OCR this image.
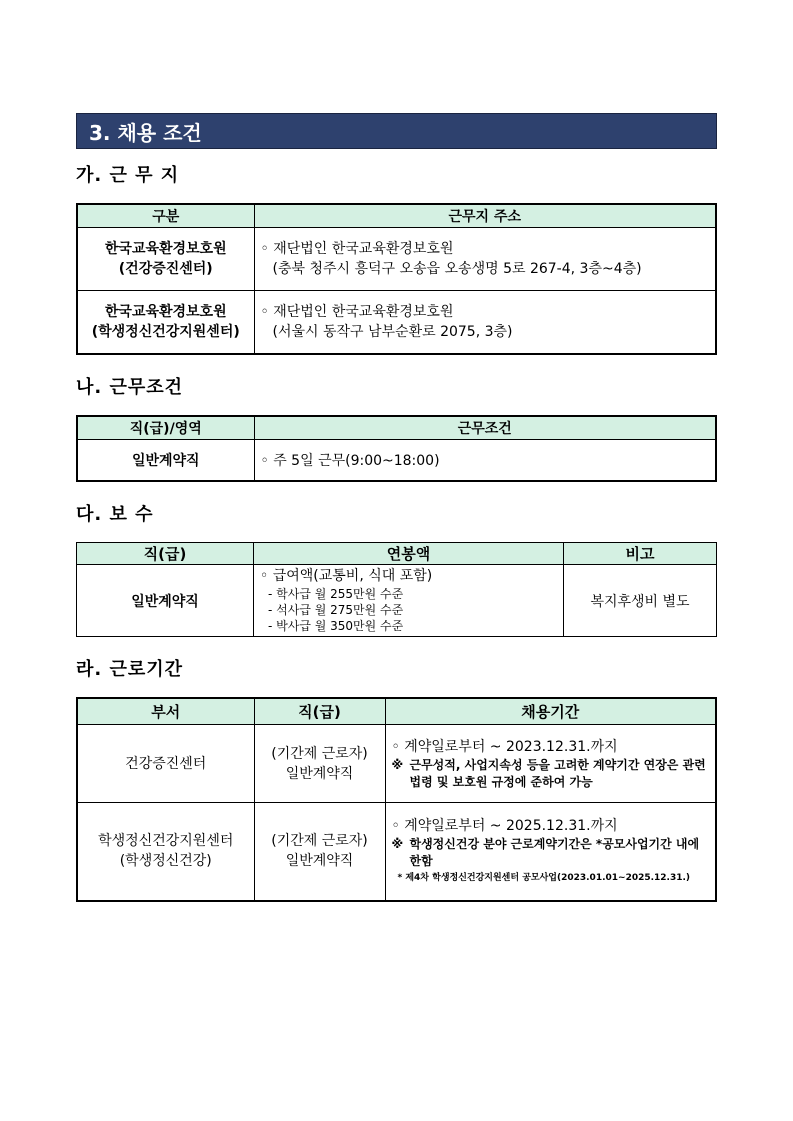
3. 채용 조건
가. 근 무 지
구분	근무지 주소

한국교육환경보호원
(건강증진센터)	◦ 재단법인 한국교육환경보호원
(충북 청주시 흥덕구 오송읍 오송생명 5로 267-4, 3층~4층)

한국교육환경보호원
(학생정신건강지원센터)	◦ 재단법인 한국교육환경보호원
(서울시 동작구 남부순환로 2075, 3층)
나. 근무조건
직(급)/영역	근무조건
일반계약직	◦ 주 5일 근무(9:00~18:00)
다. 보 수
직(급)	연봉액	비고
일반계약직	◦ 급여액(교통비, 식대 포함)
- 학사급 월 255만원 수준
- 석사급 월 275만원 수준
- 박사급 월 350만원 수준	복지후생비 별도
라. 근로기간
부서	직(급)	채용기간

건강증진센터	(기간제 근로자)
일반계약직	◦ 계약일로부터 ~ 2023.12.31.까지
※ 근무성적, 사업지속성 등을 고려한 계약기간 연장은 관련 법령 및 보호원 규정에 준하여 가능

학생정신건강지원센터
(학생정신건강)	(기간제 근로자)
일반계약직	◦ 계약일로부터 ~ 2025.12.31.까지
※ 학생정신건강 분야 근로계약기간은 *공모사업기간 내에 한함
* 제4차 학생정신건강지원센터 공모사업(2023.01.01~2025.12.31.)
